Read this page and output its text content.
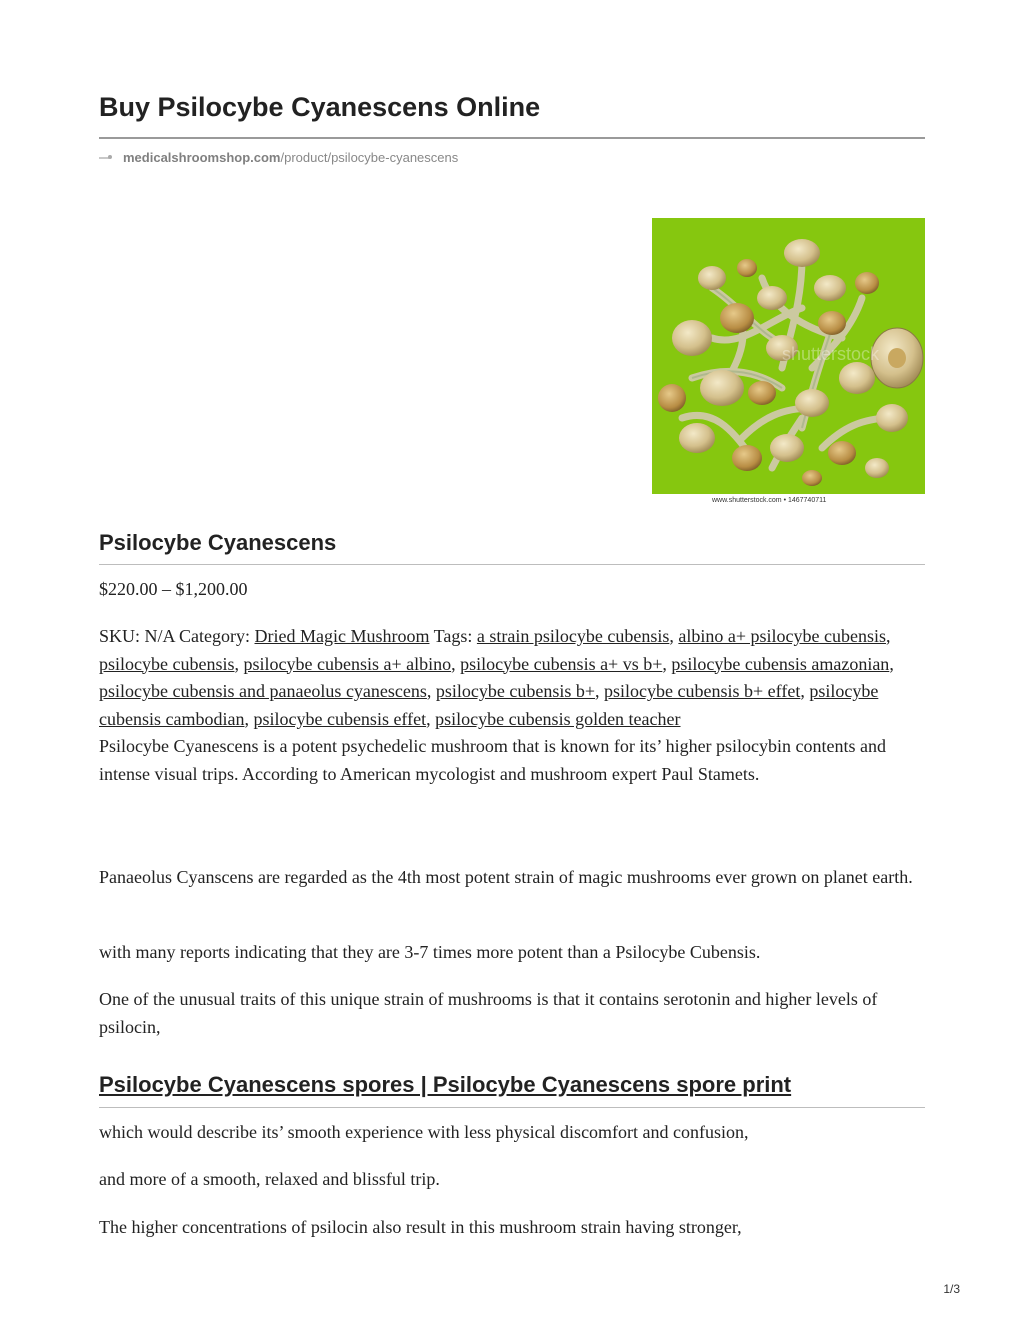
Buy Psilocybe Cyanescens Online
medicalshroomshop.com /product/psilocybe-cyanescens
shutterstock
www.shutterstock.com • 1467740711
Psilocybe Cyanescens

$220.00 – $1,200.00

SKU: N/A Category: Dried Magic Mushroom Tags: a strain psilocybe cubensis, albino a+ psilocybe cubensis, psilocybe cubensis, psilocybe cubensis a+ albino, psilocybe cubensis a+ vs b+, psilocybe cubensis amazonian, psilocybe cubensis and panaeolus cyanescens, psilocybe cubensis b+, psilocybe cubensis b+ effet, psilocybe cubensis cambodian, psilocybe cubensis effet, psilocybe cubensis golden teacher
Psilocybe Cyanescens is a potent psychedelic mushroom that is known for its’ higher psilocybin contents and intense visual trips. According to American mycologist and mushroom expert Paul Stamets.

Panaeolus Cyanscens are regarded as the 4th most potent strain of magic mushrooms ever grown on planet earth.

with many reports indicating that they are 3-7 times more potent than a Psilocybe Cubensis.

One of the unusual traits of this unique strain of mushrooms is that it contains serotonin and higher levels of psilocin,

Psilocybe Cyanescens spores | Psilocybe Cyanescens spore print

which would describe its’ smooth experience with less physical discomfort and confusion,

and more of a smooth, relaxed and blissful trip.

The higher concentrations of psilocin also result in this mushroom strain having stronger,

1/3
